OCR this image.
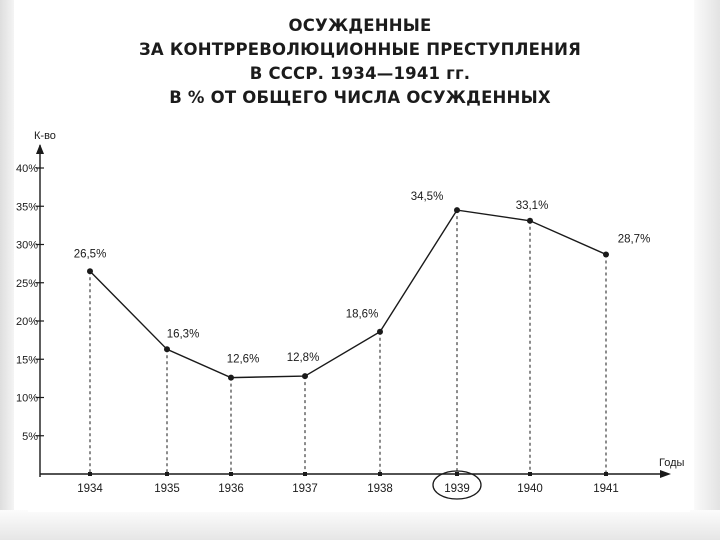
ОСУЖДЕННЫЕ
ЗА КОНТРРЕВОЛЮЦИОННЫЕ ПРЕСТУПЛЕНИЯ
В СССР. 1934—1941 гг.
В % ОТ ОБЩЕГО ЧИСЛА ОСУЖДЕННЫХ
К-во
Годы
5%
10%
15%
20%
25%
30%
35%
40%
1934	1935	1936	1937	1938	1939	1940	1941
26,5%
16,3%
12,6% 12,8%
18,6%
34,5%
33,1%
28,7%
